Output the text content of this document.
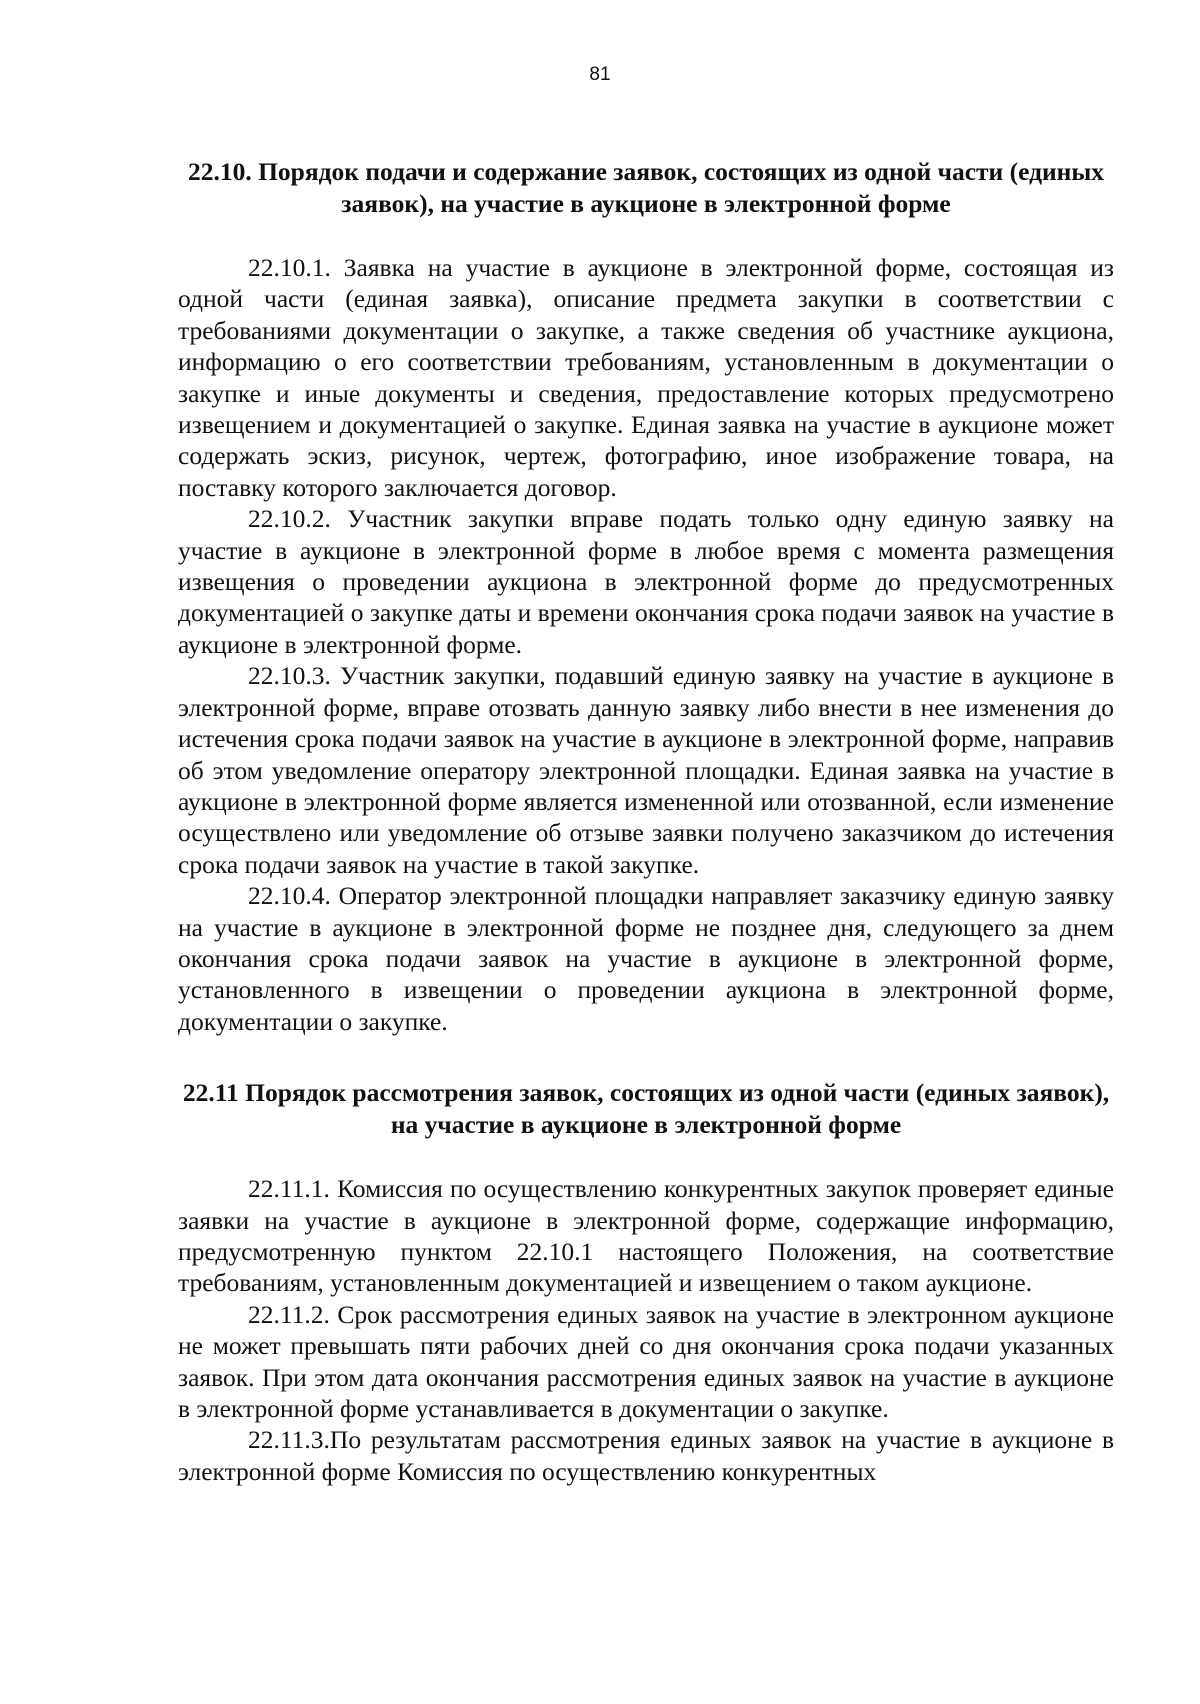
81
22.10. Порядок подачи и содержание заявок, состоящих из одной части (единых заявок), на участие в аукционе в электронной форме

22.10.1. Заявка на участие в аукционе в электронной форме, состоящая из одной части (единая заявка), описание предмета закупки в соответствии с требованиями документации о закупке, а также сведения об участнике аукциона, информацию о его соответствии требованиям, установленным в документации о закупке и иные документы и сведения, предоставление которых предусмотрено извещением и документацией о закупке. Единая заявка на участие в аукционе может содержать эскиз, рисунок, чертеж, фотографию, иное изображение товара, на поставку которого заключается договор.

22.10.2. Участник закупки вправе подать только одну единую заявку на участие в аукционе в электронной форме в любое время с момента размещения извещения о проведении аукциона в электронной форме до предусмотренных документацией о закупке даты и времени окончания срока подачи заявок на участие в аукционе в электронной форме.

22.10.3. Участник закупки, подавший единую заявку на участие в аукционе в электронной форме, вправе отозвать данную заявку либо внести в нее изменения до истечения срока подачи заявок на участие в аукционе в электронной форме, направив об этом уведомление оператору электронной площадки. Единая заявка на участие в аукционе в электронной форме является измененной или отозванной, если изменение осуществлено или уведомление об отзыве заявки получено заказчиком до истечения срока подачи заявок на участие в такой закупке.

22.10.4. Оператор электронной площадки направляет заказчику единую заявку на участие в аукционе в электронной форме не позднее дня, следующего за днем окончания срока подачи заявок на участие в аукционе в электронной форме, установленного в извещении о проведении аукциона в электронной форме, документации о закупке.

22.11 Порядок рассмотрения заявок, состоящих из одной части (единых заявок), на участие в аукционе в электронной форме

22.11.1. Комиссия по осуществлению конкурентных закупок проверяет единые заявки на участие в аукционе в электронной форме, содержащие информацию, предусмотренную пунктом 22.10.1 настоящего Положения, на соответствие требованиям, установленным документацией и извещением о таком аукционе.

22.11.2. Срок рассмотрения единых заявок на участие в электронном аукционе не может превышать пяти рабочих дней со дня окончания срока подачи указанных заявок. При этом дата окончания рассмотрения единых заявок на участие в аукционе в электронной форме устанавливается в документации о закупке.

22.11.3.По результатам рассмотрения единых заявок на участие в аукционе в электронной форме Комиссия по осуществлению конкурентных
